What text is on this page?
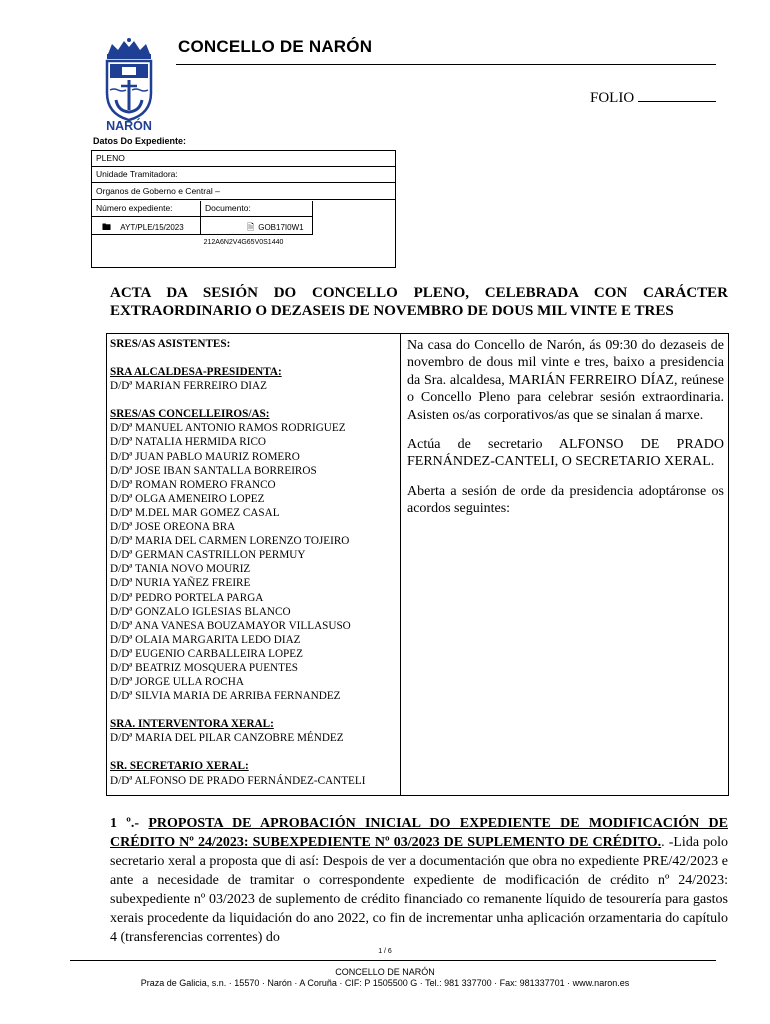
NARÓN
CONCELLO DE NARÓN
FOLIO
Datos Do Expediente:
PLENO
Unidade Tramitadora:
Organos de Goberno e Central –
Número expediente:	Documento:
🖿 AYT/PLE/15/2023	🗎 GOB17I0W1
212A6N2V4G65V0S1440
ACTA DA SESIÓN DO CONCELLO PLENO, CELEBRADA CON CARÁCTER EXTRAORDINARIO O DEZASEIS DE NOVEMBRO DE DOUS MIL VINTE E TRES
SRES/AS ASISTENTES:
SRA ALCALDESA-PRESIDENTA:
D/Dª MARIAN FERREIRO DIAZ
SRES/AS CONCELLEIROS/AS:
D/Dª MANUEL ANTONIO RAMOS RODRIGUEZ
D/Dª NATALIA HERMIDA RICO
D/Dª JUAN PABLO MAURIZ ROMERO
D/Dª JOSE IBAN SANTALLA BORREIROS
D/Dª ROMAN ROMERO FRANCO
D/Dª OLGA AMENEIRO LOPEZ
D/Dª M.DEL MAR GOMEZ CASAL
D/Dª JOSE OREONA BRA
D/Dª MARIA DEL CARMEN LORENZO TOJEIRO
D/Dª GERMAN CASTRILLON PERMUY
D/Dª TANIA NOVO MOURIZ
D/Dª NURIA YAÑEZ FREIRE
D/Dª PEDRO PORTELA PARGA
D/Dª GONZALO IGLESIAS BLANCO
D/Dª ANA VANESA BOUZAMAYOR VILLASUSO
D/Dª OLAIA MARGARITA LEDO DIAZ
D/Dª EUGENIO CARBALLEIRA LOPEZ
D/Dª BEATRIZ MOSQUERA PUENTES
D/Dª JORGE ULLA ROCHA
D/Dª SILVIA MARIA DE ARRIBA FERNANDEZ
SRA. INTERVENTORA XERAL:
D/Dª MARIA DEL PILAR CANZOBRE MÉNDEZ
SR. SECRETARIO XERAL:
D/Dª ALFONSO DE PRADO FERNÁNDEZ-CANTELI

Na casa do Concello de Narón, ás 09:30 do dezaseis de novembro de dous mil vinte e tres, baixo a presidencia da Sra. alcaldesa, MARIÁN FERREIRO DÍAZ, reúnese o Concello Pleno para celebrar sesión extraordinaria. Asisten os/as corporativos/as que se sinalan á marxe.

Actúa de secretario ALFONSO DE PRADO FERNÁNDEZ-CANTELI, O SECRETARIO XERAL.

Aberta a sesión de orde da presidencia adoptáronse os acordos seguintes:

1 º.- PROPOSTA DE APROBACIÓN INICIAL DO EXPEDIENTE DE MODIFICACIÓN DE CRÉDITO Nº 24/2023: SUBEXPEDIENTE Nº 03/2023 DE SUPLEMENTO DE CRÉDITO.. -Lida polo secretario xeral a proposta que di así: Despois de ver a documentación que obra no expediente PRE/42/2023 e ante a necesidade de tramitar o correspondente expediente de modificación de crédito nº 24/2023: subexpediente nº 03/2023 de suplemento de crédito financiado co remanente líquido de tesourería para gastos xerais procedente da liquidación do ano 2022, co fin de incrementar unha aplicación orzamentaria do capítulo 4 (transferencias correntes) do
1 / 6
CONCELLO DE NARÓN
Praza de Galicia, s.n. · 15570 · Narón · A Coruña · CIF: P 1505500 G · Tel.: 981 337700 · Fax: 981337701 · www.naron.es
